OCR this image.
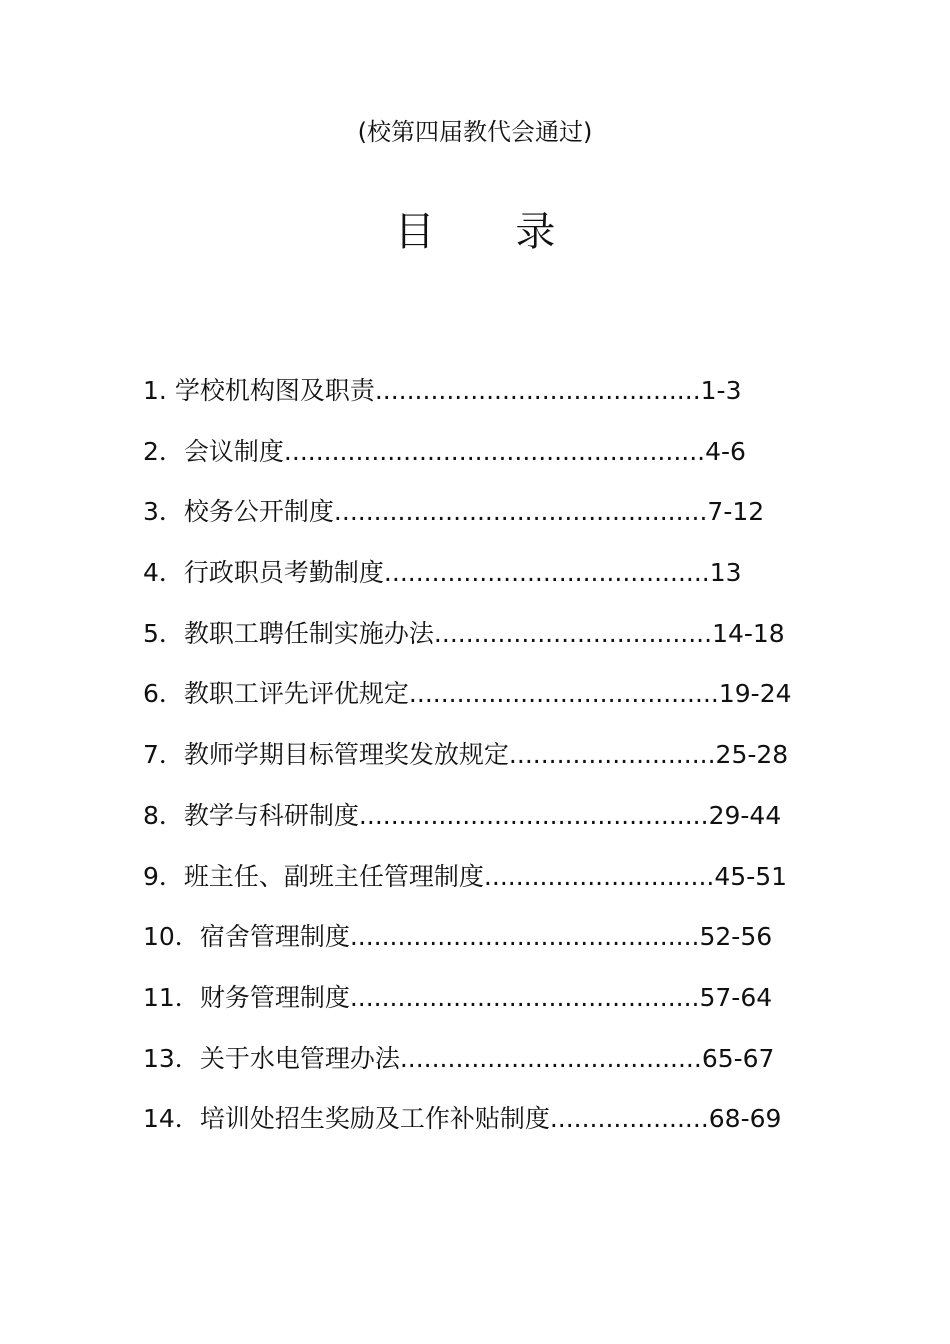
(校第四届教代会通过)
目 录
1. 学校机构图及职责.........................................1-3
2．会议制度.....................................................4-6
3．校务公开制度...............................................7-12
4．行政职员考勤制度.........................................13
5．教职工聘任制实施办法...................................14-18
6．教职工评先评优规定.......................................19-24
7．教师学期目标管理奖发放规定..........................25-28
8．教学与科研制度............................................29-44
9．班主任、副班主任管理制度.............................45-51
10．宿舍管理制度............................................52-56
11．财务管理制度............................................57-64
13．关于水电管理办法......................................65-67
14．培训处招生奖励及工作补贴制度....................68-69
